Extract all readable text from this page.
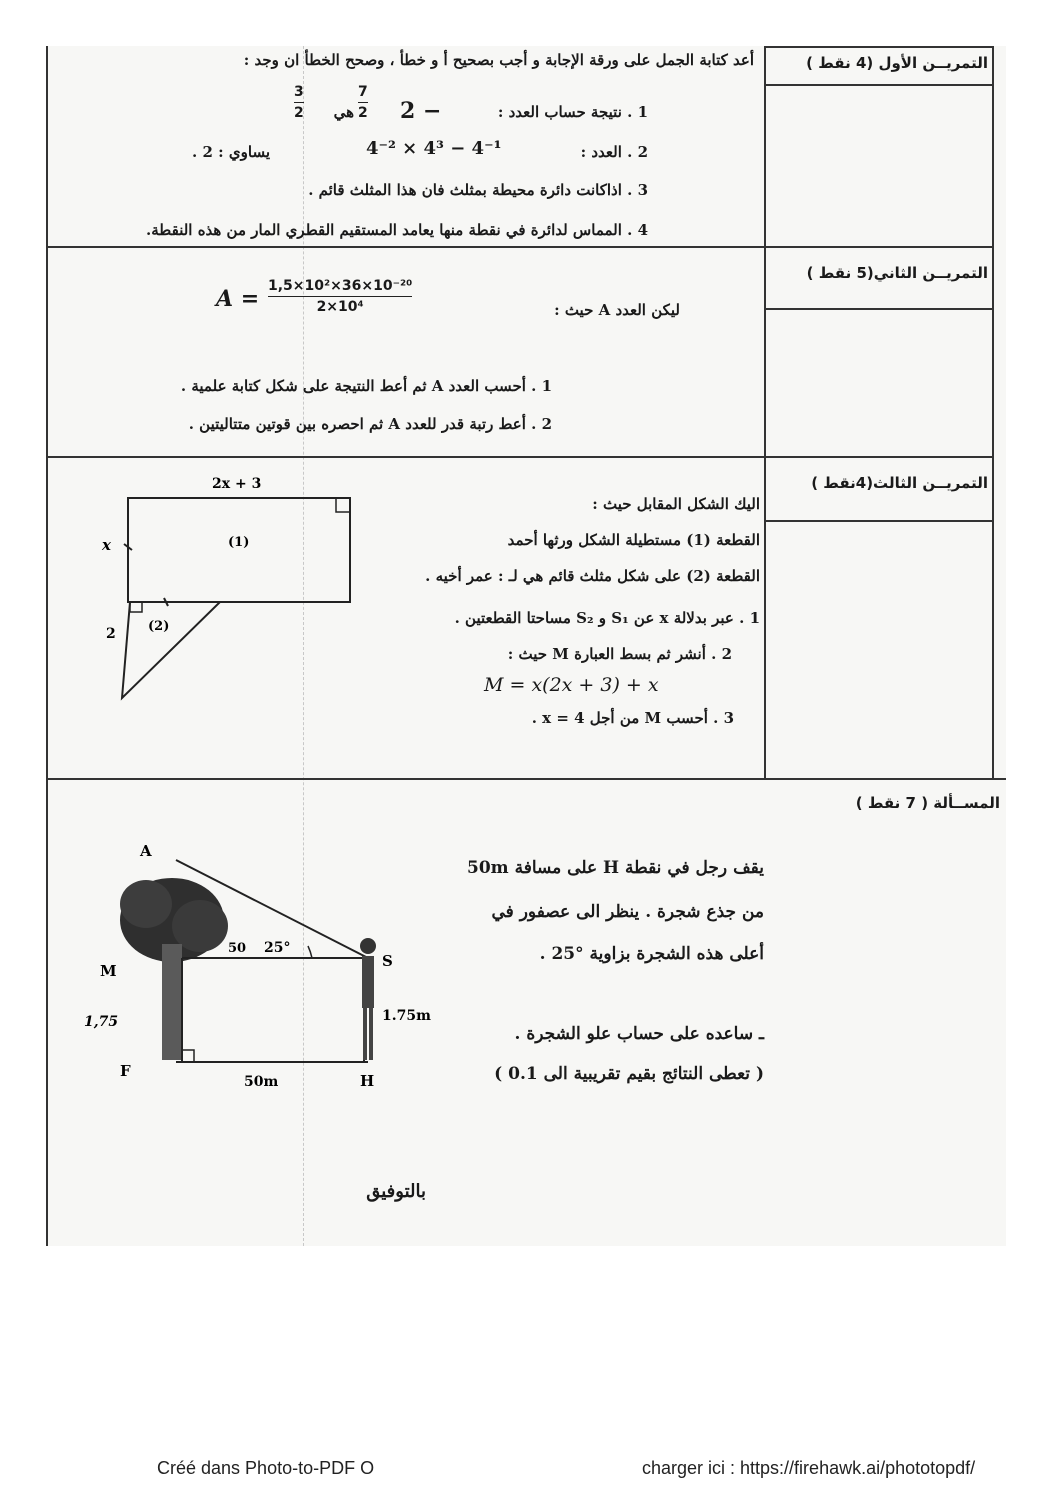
التمريــن الأول (4 نقط )
أعد كتابة الجمل على ورقة الإجابة و أجب بصحيح أ و خطأ ، وصحح الخطأ ان وجد :
1 . نتيجة حساب العدد :
2 −
7
2
هي
3
2
2 . العدد :
4⁻² × 4³ − 4⁻¹
يساوي : 2 .
3 . اذاكانت دائرة محيطة بمثلث فان هذا المثلث قائم .
4 . المماس لدائرة في نقطة منها يعامد المستقيم القطري المار من هذه النقطة.
التمريــن الثاني(5 نقط )
ليكن العدد A حيث :
A = 1,5×10²×36×10⁻²⁰
2×10⁴
1 . أحسب العدد A ثم أعط النتيجة على شكل كتابة علمية .
2 . أعط رتبة قدر للعدد A ثم احصره بين قوتين متتاليتين .
التمريــن الثالث(4نقط )
اليك الشكل المقابل حيث :
القطعة (1) مستطيلة الشكل ورثها أحمد
القطعة (2) على شكل مثلث قائم هي لـ : عمر أخيه .
1 . عبر بدلالة x عن S₁ و S₂ مساحتا القطعتين .
2 . أنشر ثم بسط العبارة M حيث :
M = x(2x + 3) + x
3 . أحسب M من أجل x = 4 .
2x + 3
x	(1)
(2)
2
المســألة ( 7 نقط )
يقف رجل في نقطة H على مسافة 50m
من جذع شجرة . ينظر الى عصفور في
أعلى هذه الشجرة بزاوية °25 .
ـ ساعده على حساب علو الشجرة .
( تعطى النتائج بقيم تقريبية الى 0.1 )
A
M
S
F
H
25°
50
1.75m
50m
1,75
بالتوفيق
Créé dans Photo-to-PDF O	charger ici : https://firehawk.ai/phototopdf/
